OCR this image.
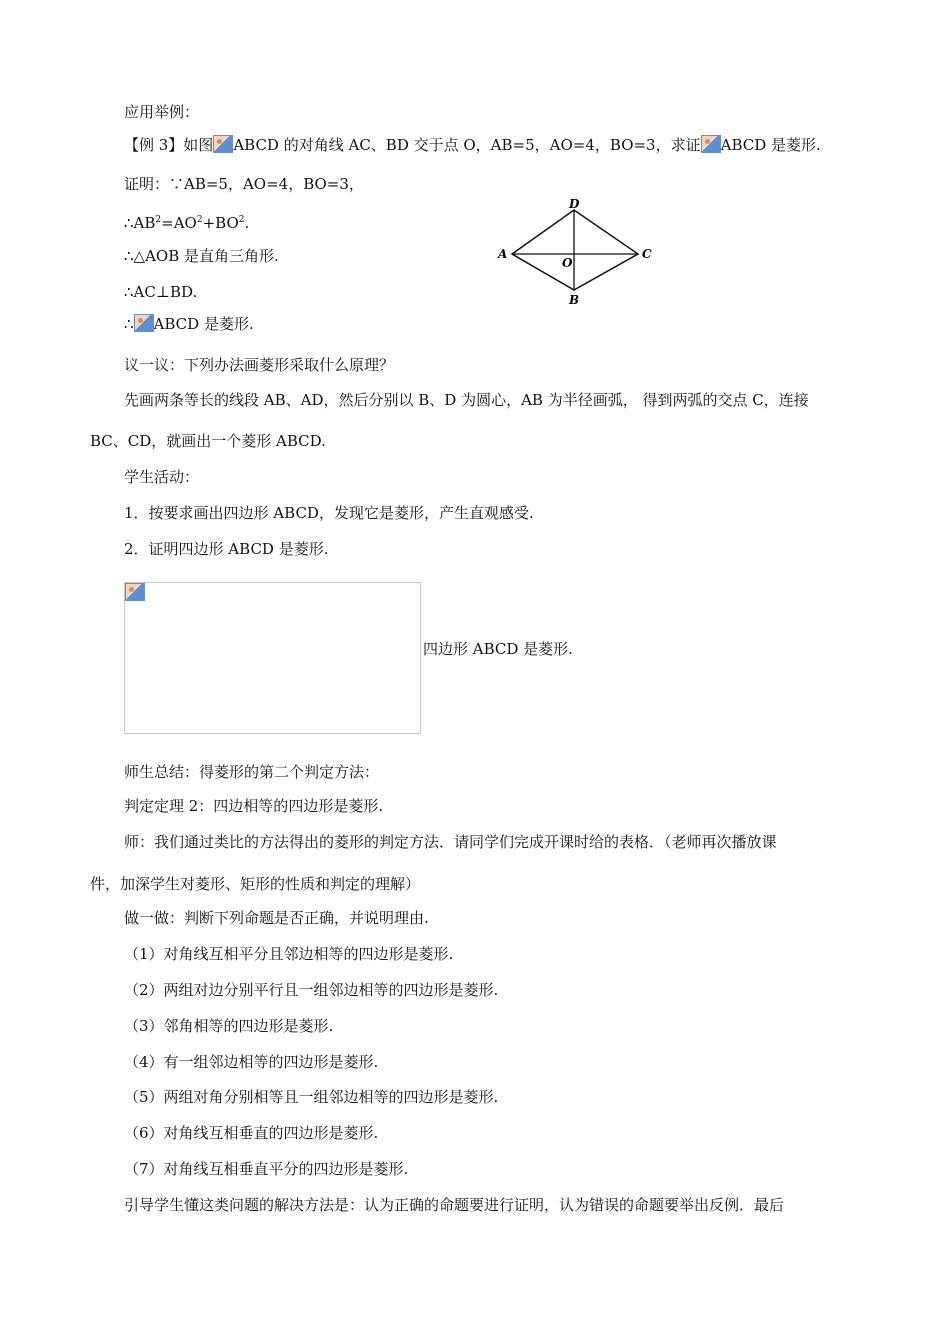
应用举例：
【例 3】如图 ABCD 的对角线 AC、BD 交于点 O，AB=5，AO=4，BO=3，求证 ABCD 是菱形.
证明：∵AB=5，AO=4，BO=3，
$\therefore AB^2=AO^2+BO^2$.
∴△AOB 是直角三角形.
∴AC⊥BD.
∴ ABCD 是菱形.
A
B
C
D
O
议一议：下列办法画菱形采取什么原理？
先画两条等长的线段 AB、AD，然后分别以 B、D 为圆心，AB 为半径画弧， 得到两弧的交点 C，连接
BC、CD，就画出一个菱形 ABCD.
学生活动：
1．按要求画出四边形 ABCD，发现它是菱形，产生直观感受.
2．证明四边形 ABCD 是菱形.
四边形 ABCD 是菱形.
师生总结：得菱形的第二个判定方法：
判定定理 2：四边相等的四边形是菱形.
师：我们通过类比的方法得出的菱形的判定方法．请同学们完成开课时给的表格．（老师再次播放课
件，加深学生对菱形、矩形的性质和判定的理解）
做一做：判断下列命题是否正确，并说明理由.
（1）对角线互相平分且邻边相等的四边形是菱形.
（2）两组对边分别平行且一组邻边相等的四边形是菱形.
（3）邻角相等的四边形是菱形.
（4）有一组邻边相等的四边形是菱形.
（5）两组对角分别相等且一组邻边相等的四边形是菱形.
（6）对角线互相垂直的四边形是菱形.
（7）对角线互相垂直平分的四边形是菱形.
引导学生懂这类问题的解决方法是：认为正确的命题要进行证明，认为错误的命题要举出反例．最后
